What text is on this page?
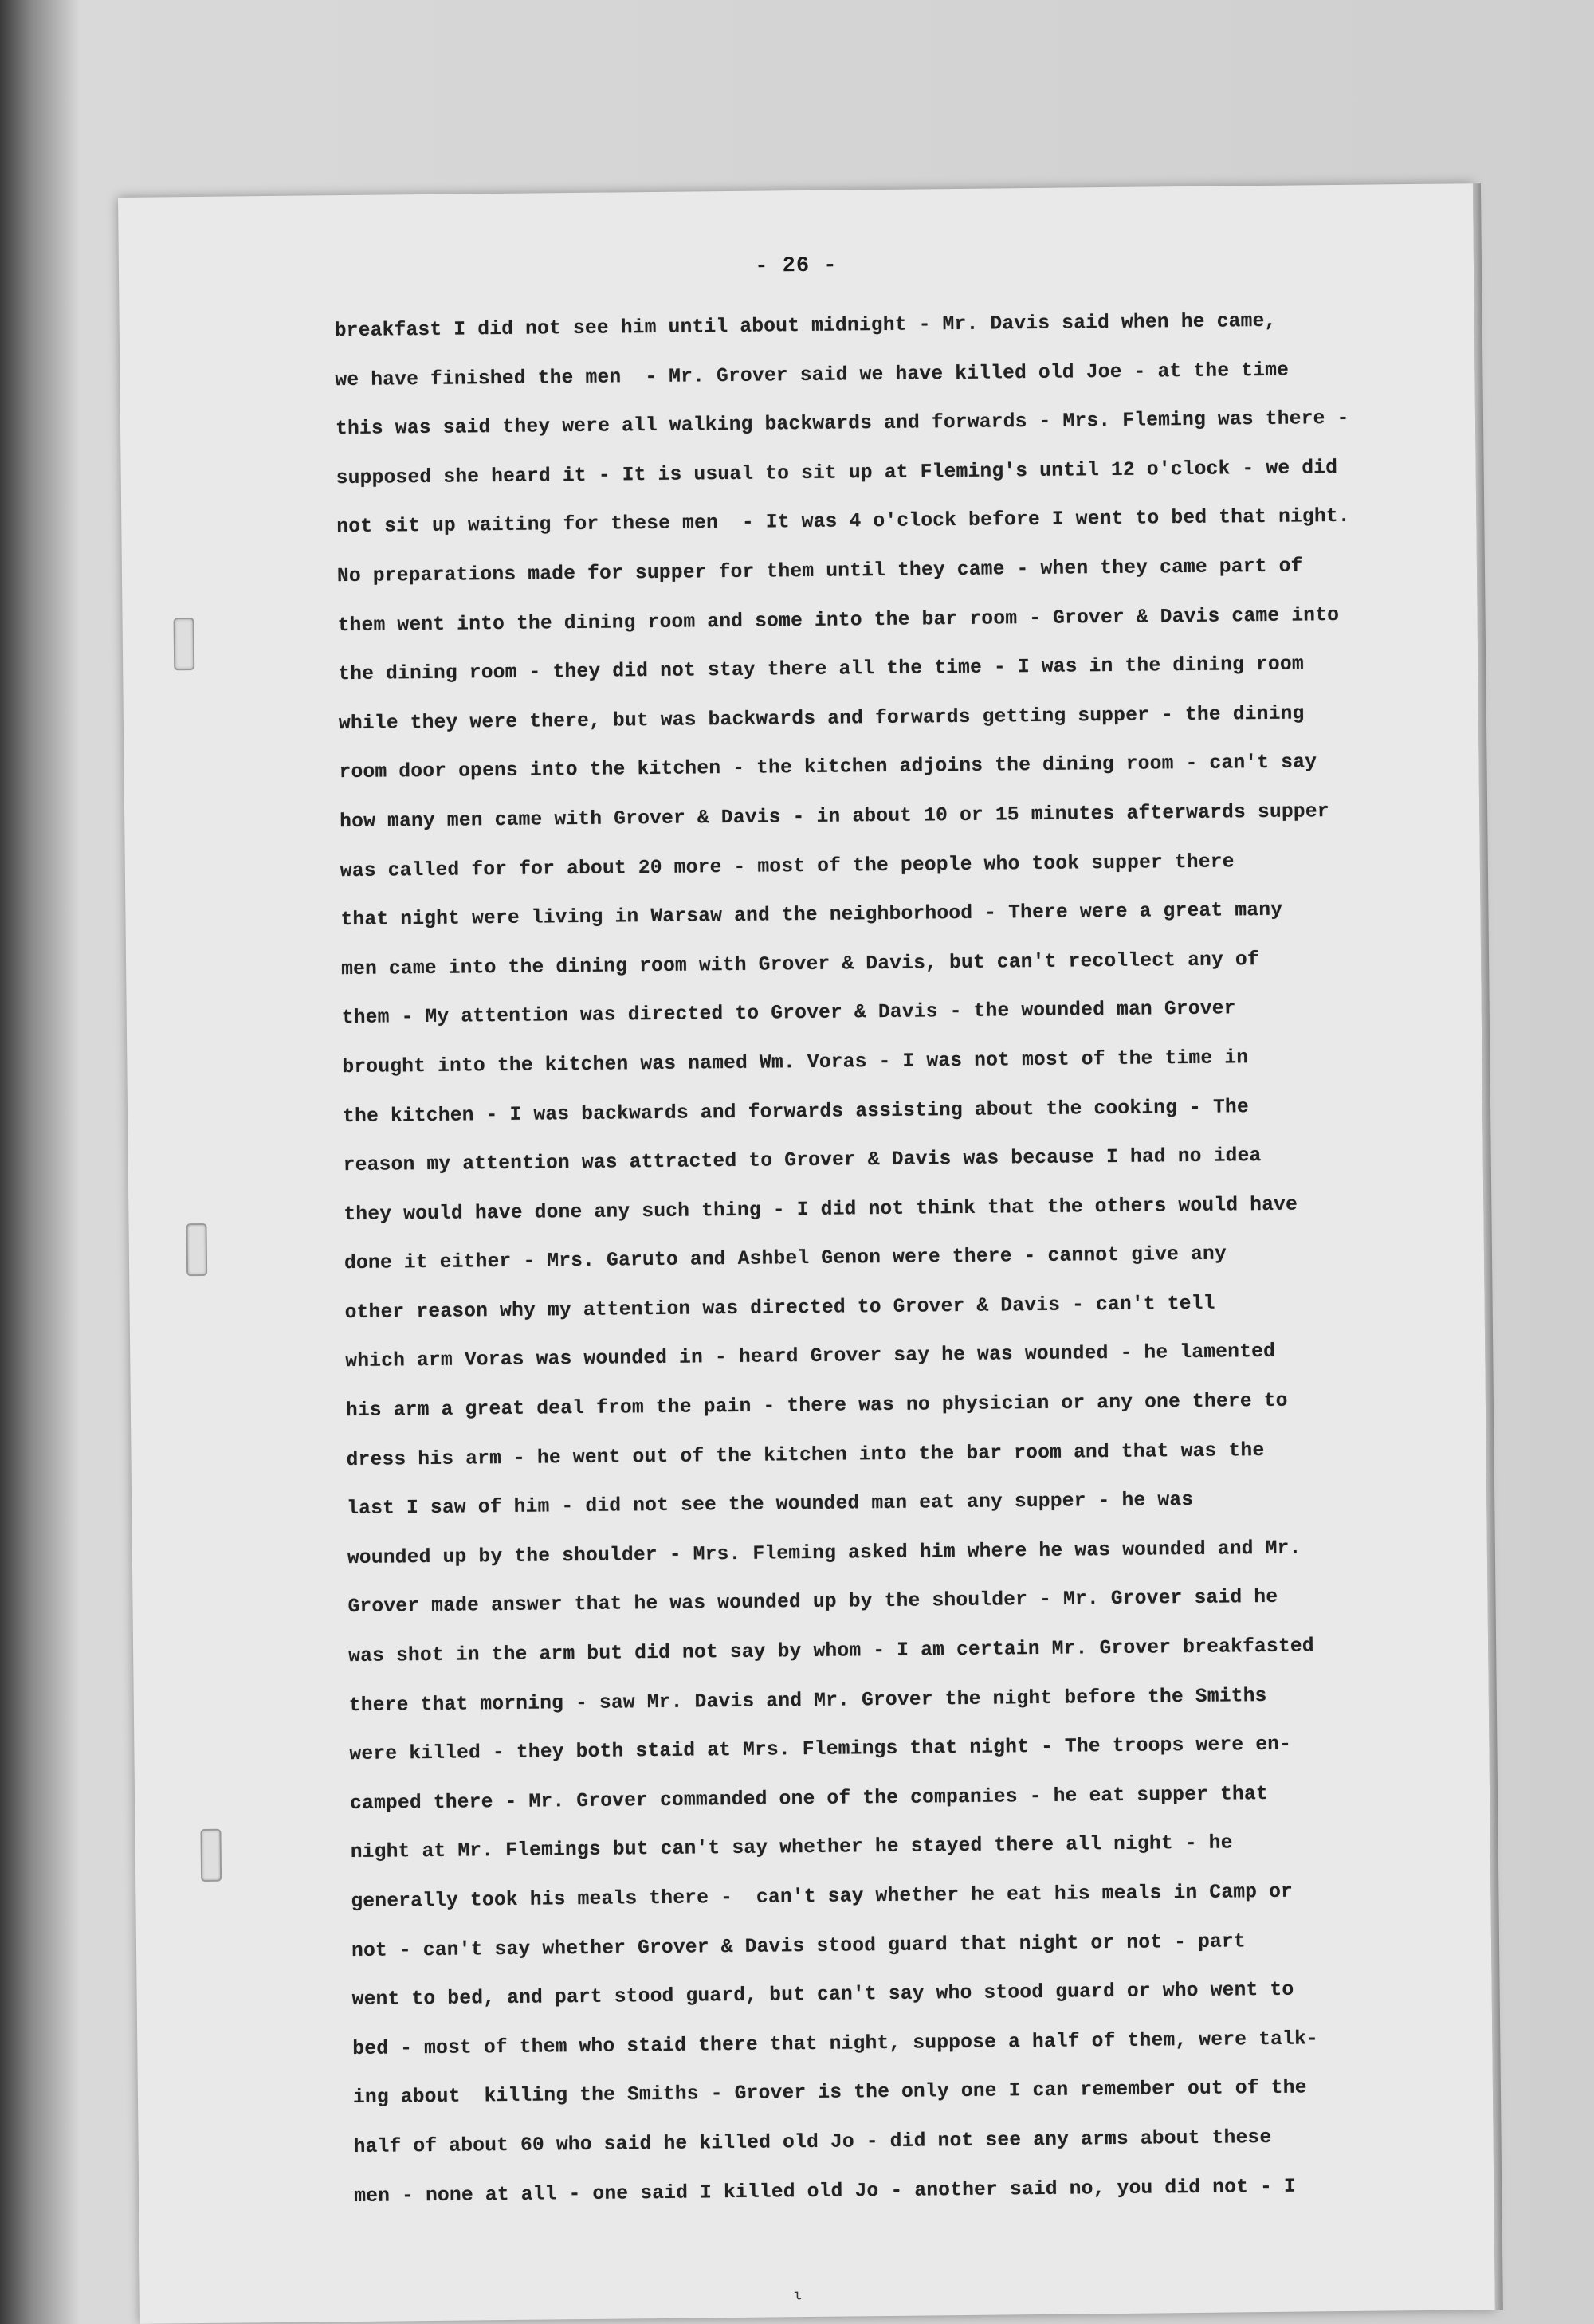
- 26 -
breakfast I did not see him until about midnight - Mr. Davis said when he came,
we have finished the men  - Mr. Grover said we have killed old Joe - at the time
this was said they were all walking backwards and forwards - Mrs. Fleming was there -
supposed she heard it - It is usual to sit up at Fleming's until 12 o'clock - we did
not sit up waiting for these men  - It was 4 o'clock before I went to bed that night.
No preparations made for supper for them until they came - when they came part of
them went into the dining room and some into the bar room - Grover & Davis came into
the dining room - they did not stay there all the time - I was in the dining room
while they were there, but was backwards and forwards getting supper - the dining
room door opens into the kitchen - the kitchen adjoins the dining room - can't say
how many men came with Grover & Davis - in about 10 or 15 minutes afterwards supper
was called for for about 20 more - most of the people who took supper there
that night were living in Warsaw and the neighborhood - There were a great many
men came into the dining room with Grover & Davis, but can't recollect any of
them - My attention was directed to Grover & Davis - the wounded man Grover
brought into the kitchen was named Wm. Voras - I was not most of the time in
the kitchen - I was backwards and forwards assisting about the cooking - The
reason my attention was attracted to Grover & Davis was because I had no idea
they would have done any such thing - I did not think that the others would have
done it either - Mrs. Garuto and Ashbel Genon were there - cannot give any
other reason why my attention was directed to Grover & Davis - can't tell
which arm Voras was wounded in - heard Grover say he was wounded - he lamented
his arm a great deal from the pain - there was no physician or any one there to
dress his arm - he went out of the kitchen into the bar room and that was the
last I saw of him - did not see the wounded man eat any supper - he was
wounded up by the shoulder - Mrs. Fleming asked him where he was wounded and Mr.
Grover made answer that he was wounded up by the shoulder - Mr. Grover said he
was shot in the arm but did not say by whom - I am certain Mr. Grover breakfasted
there that morning - saw Mr. Davis and Mr. Grover the night before the Smiths
were killed - they both staid at Mrs. Flemings that night - The troops were en-
camped there - Mr. Grover commanded one of the companies - he eat supper that
night at Mr. Flemings but can't say whether he stayed there all night - he
generally took his meals there -  can't say whether he eat his meals in Camp or
not - can't say whether Grover & Davis stood guard that night or not - part
went to bed, and part stood guard, but can't say who stood guard or who went to
bed - most of them who staid there that night, suppose a half of them, were talk-
ing about  killing the Smiths - Grover is the only one I can remember out of the
half of about 60 who said he killed old Jo - did not see any arms about these
men - none at all - one said I killed old Jo - another said no, you did not - I
ι
